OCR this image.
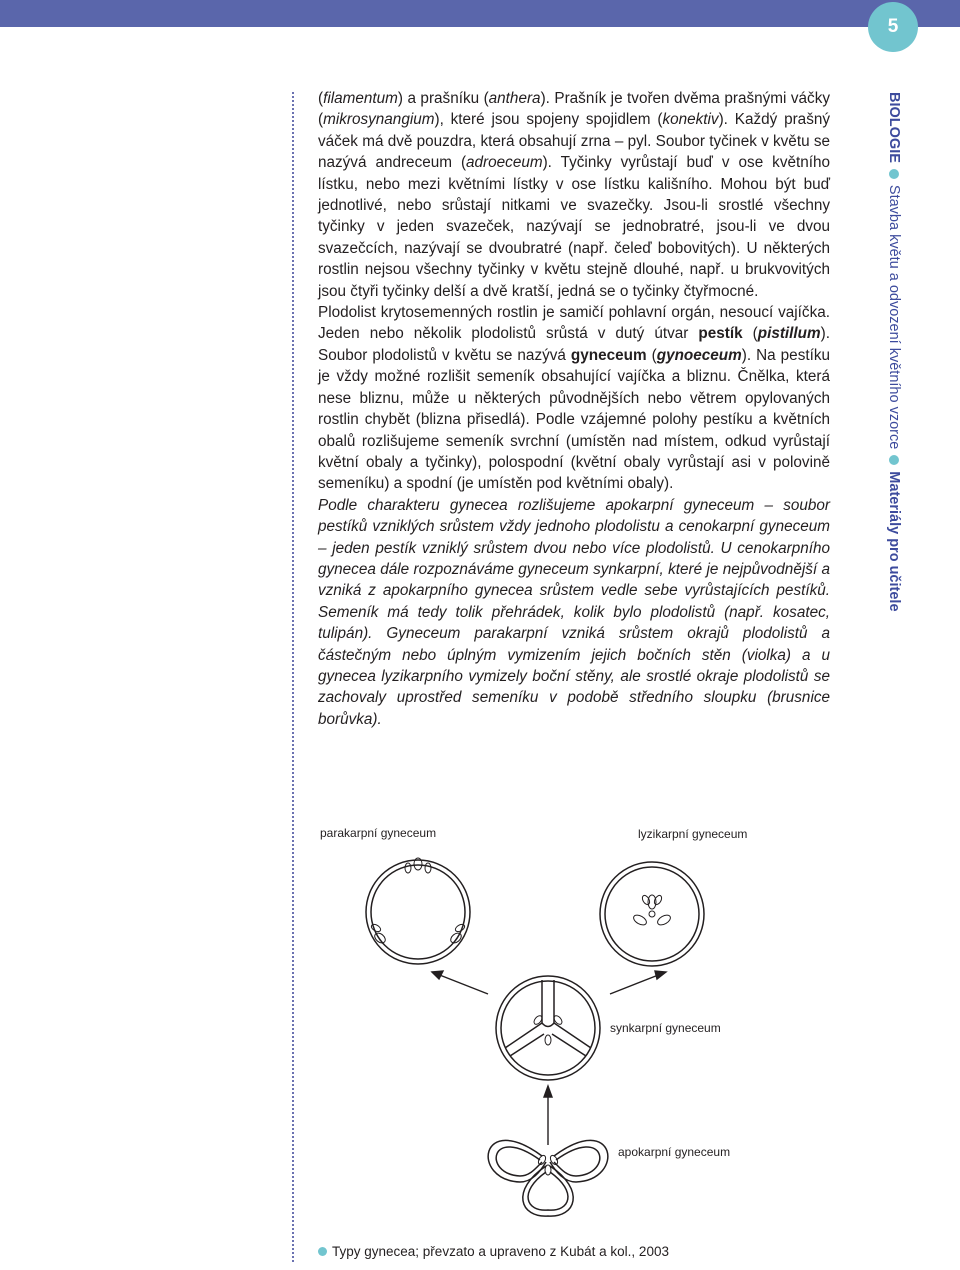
5
BIOLOGIEStavba květu a odvození květního vzorceMateriály pro učitele

(filamentum) a prašníku (anthera). Prašník je tvořen dvěma prašnými váčky (mikrosynangium), které jsou spojeny spojidlem (konektiv). Každý prašný váček má dvě pouzdra, která obsahují zrna – pyl. Soubor tyčinek v květu se nazývá andreceum (adroeceum). Tyčinky vyrůstají buď v ose květního lístku, nebo mezi květními lístky v ose lístku kališního. Mohou být buď jednotlivé, nebo srůstají nitkami ve svazečky. Jsou-li srostlé všechny tyčinky v jeden svazeček, nazývají se jednobratré, jsou-li ve dvou svazečcích, nazývají se dvoubratré (např. čeleď bobovitých). U některých rostlin nejsou všechny tyčinky v květu stejně dlouhé, např. u brukvovitých jsou čtyři tyčinky delší a dvě kratší, jedná se o tyčinky čtyřmocné.

Plodolist krytosemenných rostlin je samičí pohlavní orgán, nesoucí vajíčka. Jeden nebo několik plodolistů srůstá v dutý útvar pestík (pistillum). Soubor plodolistů v květu se nazývá gyneceum (gynoeceum). Na pestíku je vždy možné rozlišit semeník obsahující vajíčka a bliznu. Čnělka, která nese bliznu, může u některých původnějších nebo větrem opylovaných rostlin chybět (blizna přisedlá). Podle vzájemné polohy pestíku a květních obalů rozlišujeme semeník svrchní (umístěn nad místem, odkud vyrůstají květní obaly a tyčinky), polospodní (květní obaly vyrůstají asi v polovině semeníku) a spodní (je umístěn pod květními obaly).

Podle charakteru gynecea rozlišujeme apokarpní gyneceum – soubor pestíků vzniklých srůstem vždy jednoho plodolistu a cenokarpní gyneceum – jeden pestík vzniklý srůstem dvou nebo více plodolistů. U cenokarpního gynecea dále rozpoznáváme gyneceum synkarpní, které je nejpůvodnější a vzniká z apokarpního gynecea srůstem vedle sebe vyrůstajících pestíků. Semeník má tedy tolik přehrádek, kolik bylo plodolistů (např. kosatec, tulipán). Gyneceum parakarpní vzniká srůstem okrajů plodolistů a částečným nebo úplným vymizením jejich bočních stěn (violka) a u gynecea lyzikarpního vymizely boční stěny, ale srostlé okraje plodolistů se zachovaly uprostřed semeníku v podobě středního sloupku (brusnice borůvka).

parakarpní gyneceum	lyzikarpní gyneceum
synkarpní gyneceum
apokarpní gyneceum
Typy gynecea; převzato a upraveno z Kubát a kol., 2003
